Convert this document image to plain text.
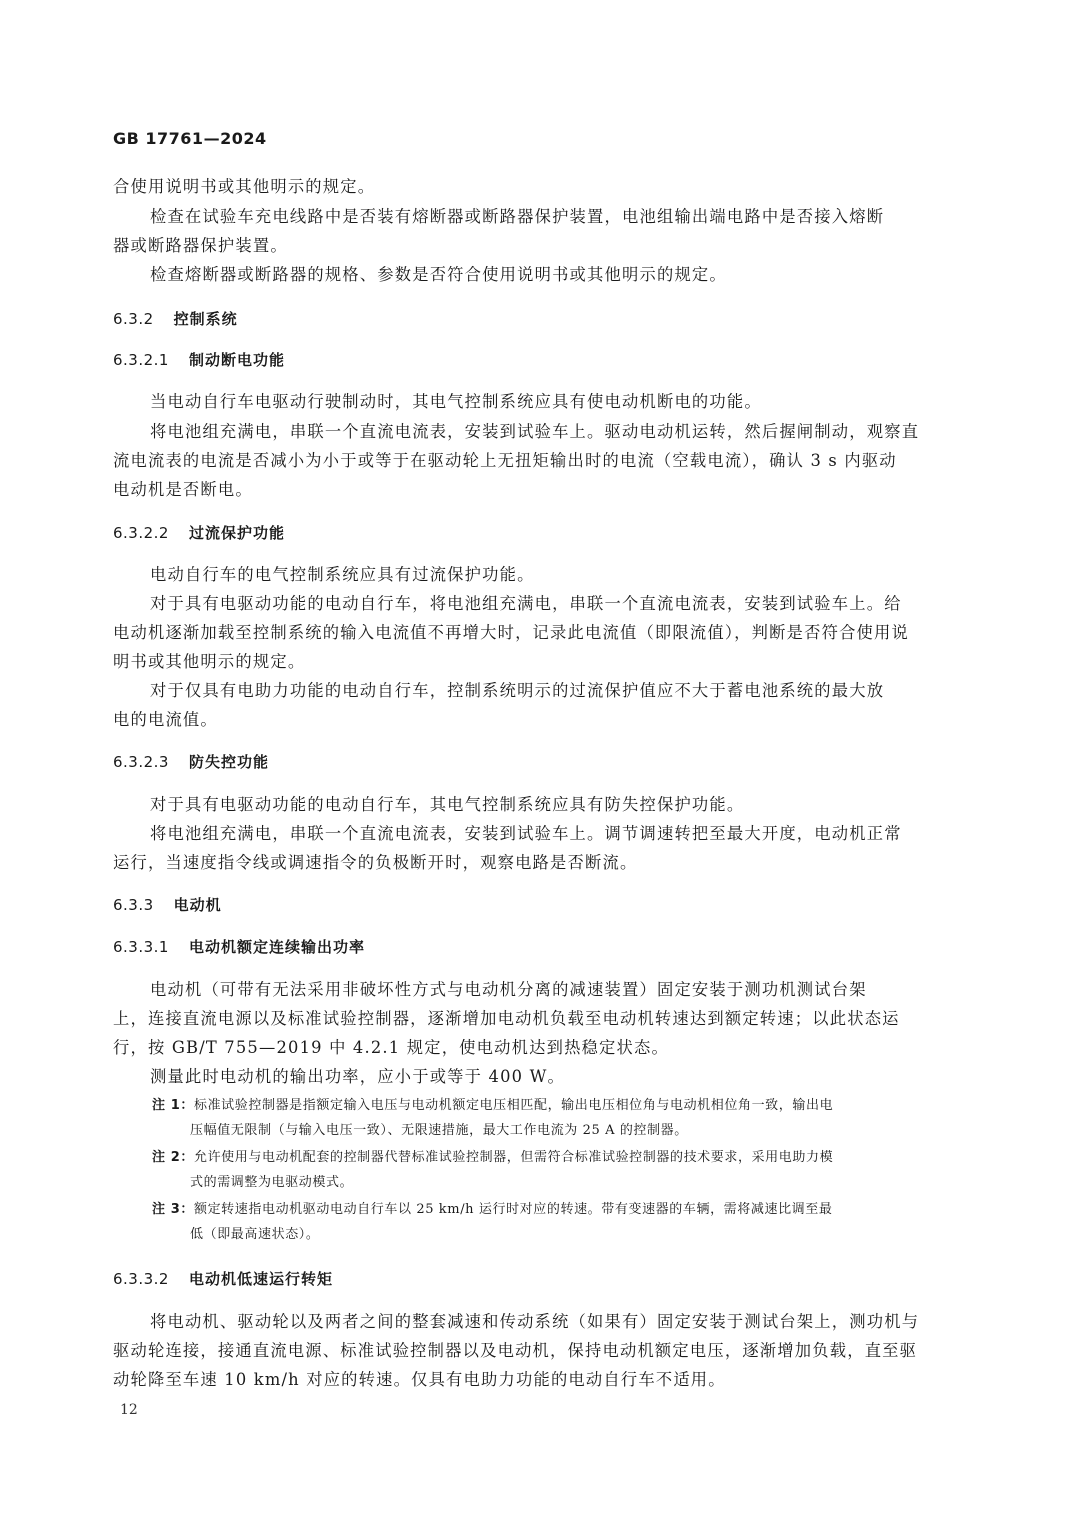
GB 17761—2024
合使用说明书或其他明示的规定。
检查在试验车充电线路中是否装有熔断器或断路器保护装置，电池组输出端电路中是否接入熔断
器或断路器保护装置。
检查熔断器或断路器的规格、参数是否符合使用说明书或其他明示的规定。
6.3.2 控制系统
6.3.2.1 制动断电功能
当电动自行车电驱动行驶制动时，其电气控制系统应具有使电动机断电的功能。
将电池组充满电，串联一个直流电流表，安装到试验车上。驱动电动机运转，然后握闸制动，观察直
流电流表的电流是否减小为小于或等于在驱动轮上无扭矩输出时的电流（空载电流），确认 3 s 内驱动
电动机是否断电。
6.3.2.2 过流保护功能
电动自行车的电气控制系统应具有过流保护功能。
对于具有电驱动功能的电动自行车，将电池组充满电，串联一个直流电流表，安装到试验车上。给
电动机逐渐加载至控制系统的输入电流值不再增大时，记录此电流值（即限流值），判断是否符合使用说
明书或其他明示的规定。
对于仅具有电助力功能的电动自行车，控制系统明示的过流保护值应不大于蓄电池系统的最大放
电的电流值。
6.3.2.3 防失控功能
对于具有电驱动功能的电动自行车，其电气控制系统应具有防失控保护功能。
将电池组充满电，串联一个直流电流表，安装到试验车上。调节调速转把至最大开度，电动机正常
运行，当速度指令线或调速指令的负极断开时，观察电路是否断流。
6.3.3 电动机
6.3.3.1 电动机额定连续输出功率
电动机（可带有无法采用非破坏性方式与电动机分离的减速装置）固定安装于测功机测试台架
上，连接直流电源以及标准试验控制器，逐渐增加电动机负载至电动机转速达到额定转速；以此状态运
行，按 GB/T 755—2019 中 4.2.1 规定，使电动机达到热稳定状态。
测量此时电动机的输出功率，应小于或等于 400 W。
注 1：标准试验控制器是指额定输入电压与电动机额定电压相匹配，输出电压相位角与电动机相位角一致，输出电
压幅值无限制（与输入电压一致）、无限速措施，最大工作电流为 25 A 的控制器。
注 2：允许使用与电动机配套的控制器代替标准试验控制器，但需符合标准试验控制器的技术要求，采用电助力模
式的需调整为电驱动模式。
注 3：额定转速指电动机驱动电动自行车以 25 km/h 运行时对应的转速。带有变速器的车辆，需将减速比调至最
低（即最高速状态）。
6.3.3.2 电动机低速运行转矩
将电动机、驱动轮以及两者之间的整套减速和传动系统（如果有）固定安装于测试台架上，测功机与
驱动轮连接，接通直流电源、标准试验控制器以及电动机，保持电动机额定电压，逐渐增加负载，直至驱
动轮降至车速 10 km/h 对应的转速。仅具有电助力功能的电动自行车不适用。
12
